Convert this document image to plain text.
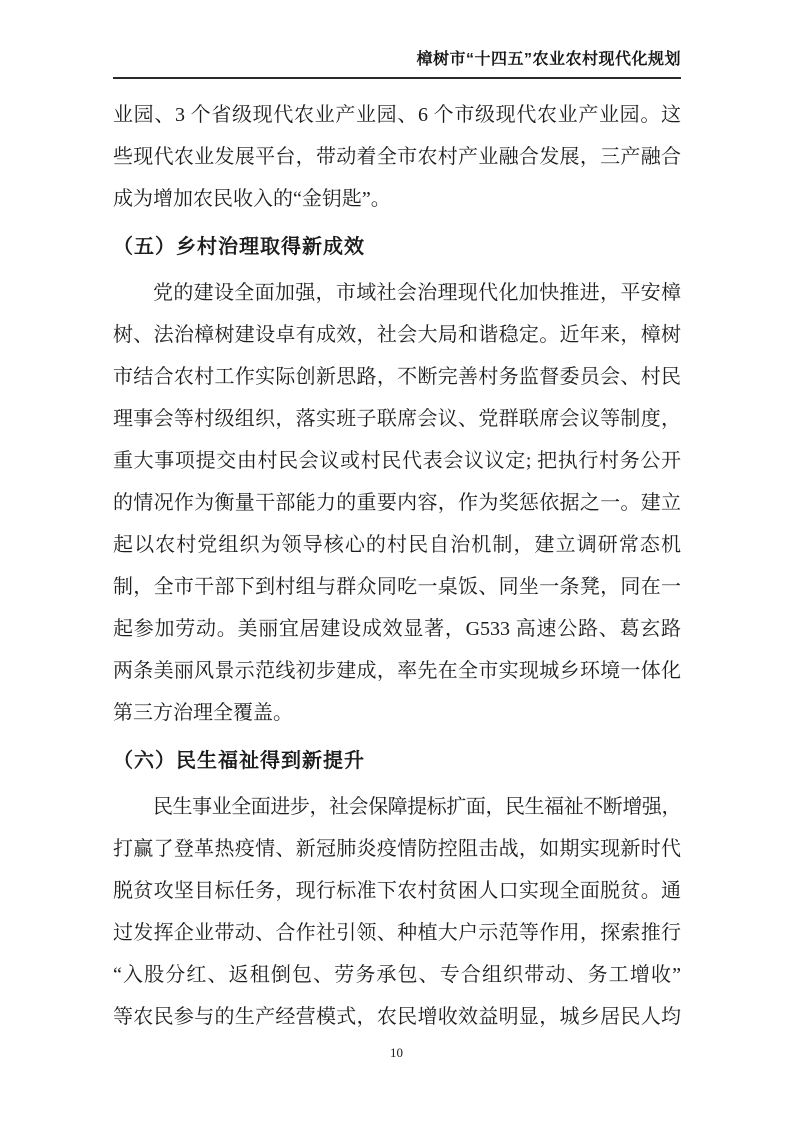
樟树市“十四五”农业农村现代化规划
业园、3 个省级现代农业产业园、6 个市级现代农业产业园。这
些现代农业发展平台，带动着全市农村产业融合发展，三产融合
成为增加农民收入的“金钥匙”。
（五）乡村治理取得新成效
党的建设全面加强，市域社会治理现代化加快推进，平安樟
树、法治樟树建设卓有成效，社会大局和谐稳定。近年来，樟树
市结合农村工作实际创新思路，不断完善村务监督委员会、村民
理事会等村级组织，落实班子联席会议、党群联席会议等制度，
重大事项提交由村民会议或村民代表会议议定; 把执行村务公开
的情况作为衡量干部能力的重要内容，作为奖惩依据之一。建立
起以农村党组织为领导核心的村民自治机制，建立调研常态机
制，全市干部下到村组与群众同吃一桌饭、同坐一条凳，同在一
起参加劳动。美丽宜居建设成效显著，G533 高速公路、葛玄路
两条美丽风景示范线初步建成，率先在全市实现城乡环境一体化
第三方治理全覆盖。
（六）民生福祉得到新提升
民生事业全面进步，社会保障提标扩面，民生福祉不断增强，
打赢了登革热疫情、新冠肺炎疫情防控阻击战，如期实现新时代
脱贫攻坚目标任务，现行标准下农村贫困人口实现全面脱贫。通
过发挥企业带动、合作社引领、种植大户示范等作用，探索推行
“入股分红、返租倒包、劳务承包、专合组织带动、务工增收”
等农民参与的生产经营模式，农民增收效益明显，城乡居民人均
10
